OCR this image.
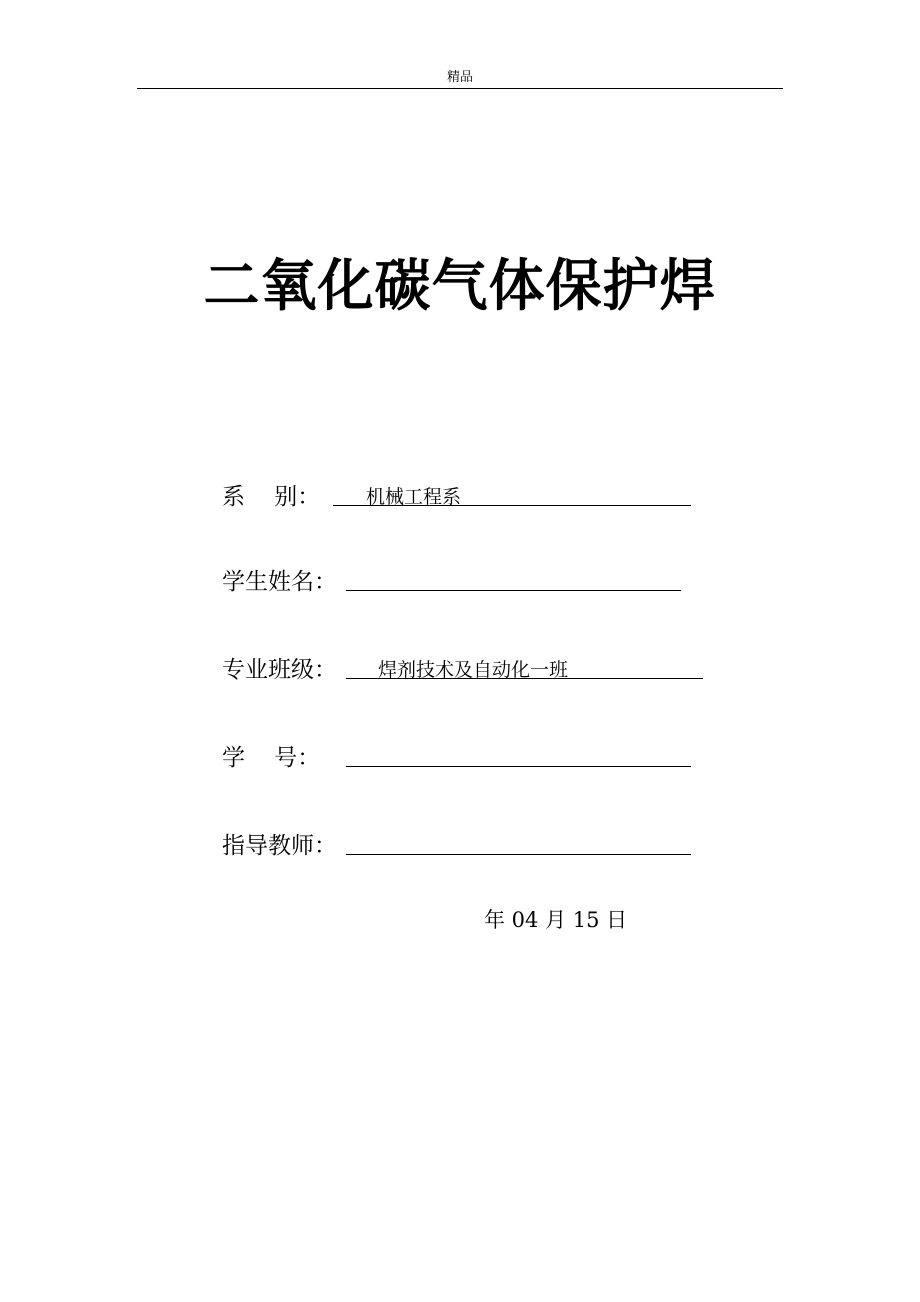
精品
二氧化碳气体保护焊
系    别： 机械工程系
学生姓名：
专业班级： 焊剂技术及自动化一班
学    号：
指导教师：
年 04 月 15 日
